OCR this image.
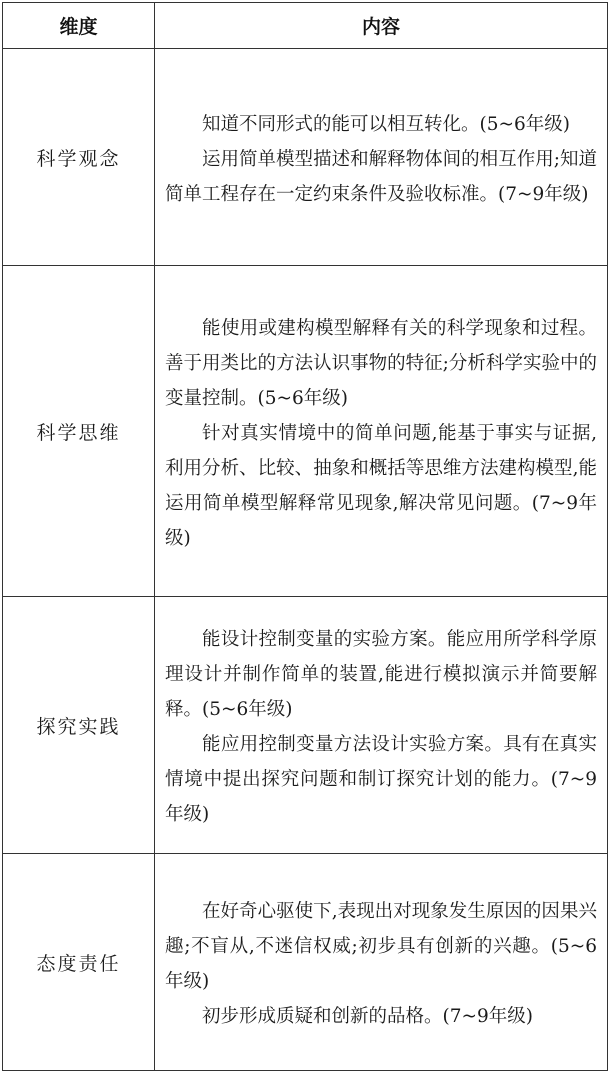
维度	内容
科学观念	知道不同形式的能可以相互转化。(5~6年级)

运用简单模型描述和解释物体间的相互作用;知道简单工程存在一定约束条件及验收标准。(7~9年级)

科学思维	能使用或建构模型解释有关的科学现象和过程。善于用类比的方法认识事物的特征;分析科学实验中的变量控制。(5~6年级)

针对真实情境中的简单问题,能基于事实与证据,利用分析、比较、抽象和概括等思维方法建构模型,能运用简单模型解释常见现象,解决常见问题。(7~9年级)

探究实践	能设计控制变量的实验方案。能应用所学科学原理设计并制作简单的装置,能进行模拟演示并简要解释。(5~6年级)

能应用控制变量方法设计实验方案。具有在真实情境中提出探究问题和制订探究计划的能力。(7~9年级)

态度责任	在好奇心驱使下,表现出对现象发生原因的因果兴趣;不盲从,不迷信权威;初步具有创新的兴趣。(5~6年级)

初步形成质疑和创新的品格。(7~9年级)
